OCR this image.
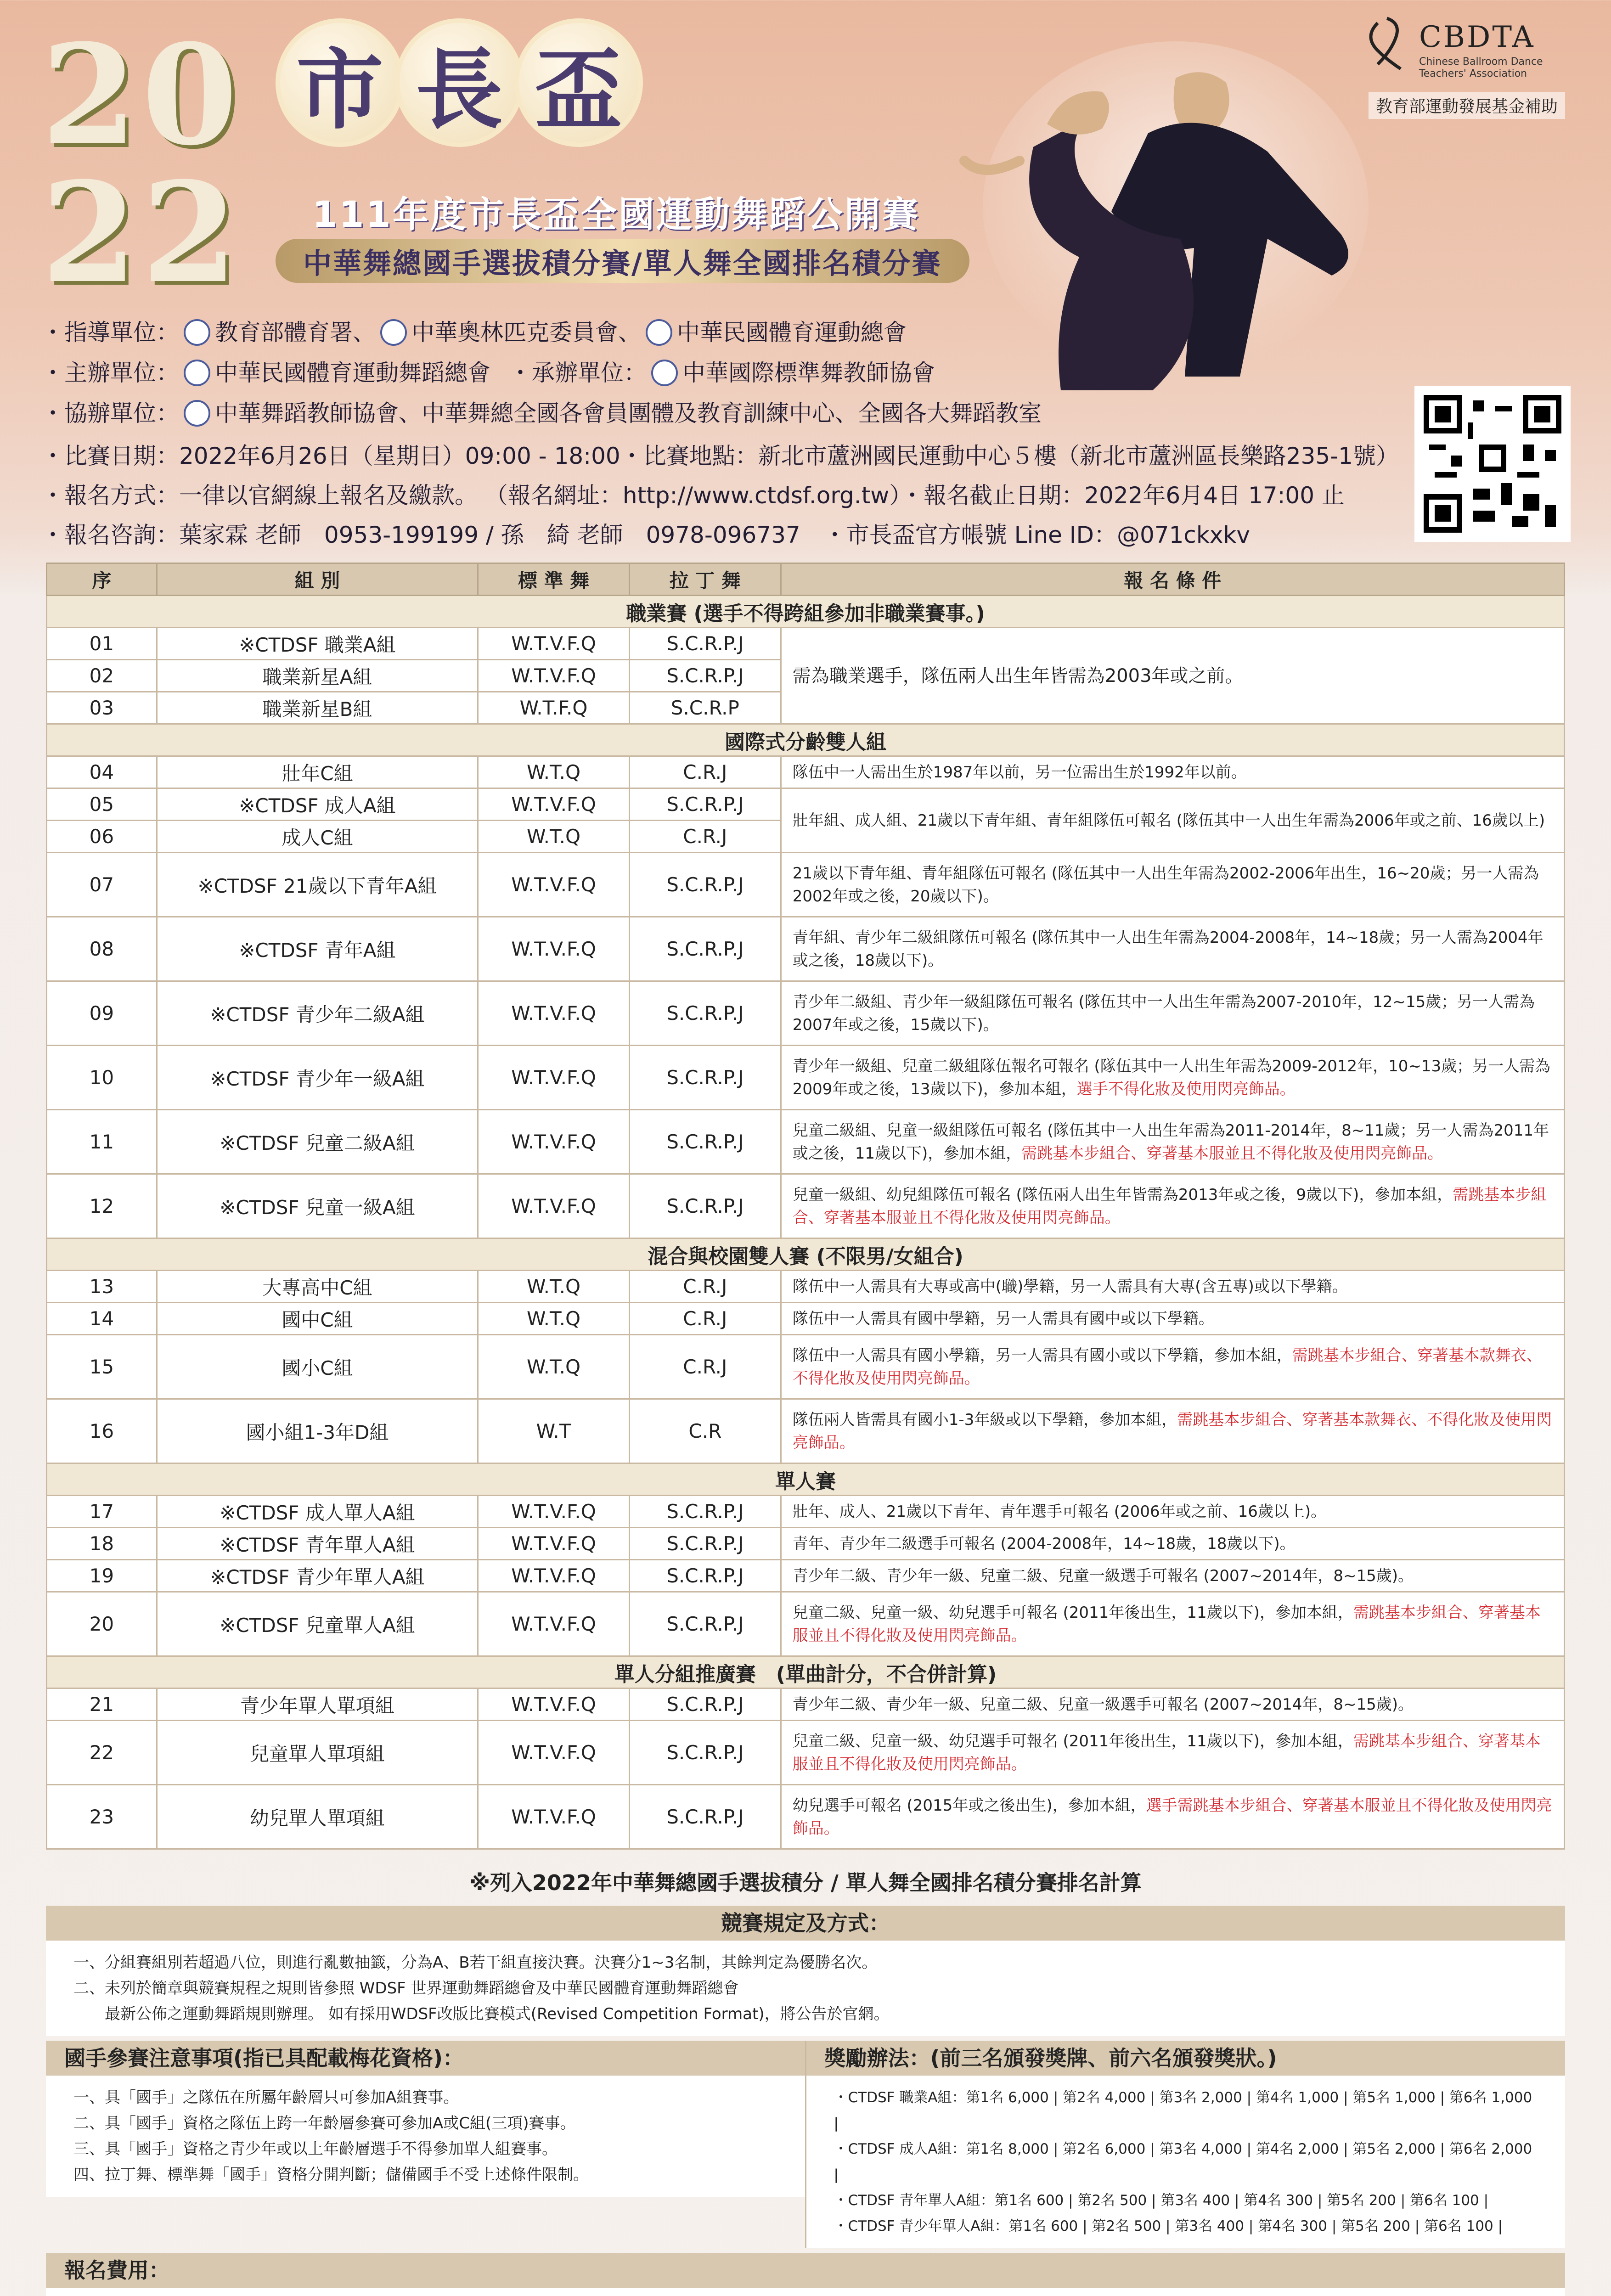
20
22
市 長 盃
111年度市長盃全國運動舞蹈公開賽
中華舞總國手選拔積分賽/單人舞全國排名積分賽
CBDTA
Chinese Ballroom Dance Teachers' Association
教育部運動發展基金補助
・指導單位： 教育部體育署、 中華奧林匹克委員會、 中華民國體育運動總會
・主辦單位： 中華民國體育運動舞蹈總會 ・承辦單位： 中華國際標準舞教師協會
・協辦單位： 中華舞蹈教師協會、中華舞總全國各會員團體及教育訓練中心、全國各大舞蹈教室
・比賽日期：2022年6月26日（星期日）09:00 - 18:00・比賽地點：新北市蘆洲國民運動中心５樓（新北市蘆洲區長樂路235-1號）
・報名方式：一律以官網線上報名及繳款。 （報名網址：http://www.ctdsf.org.tw）・報名截止日期：2022年6月4日 17:00 止
・報名咨詢：葉家霖 老師　0953-199199 / 孫　綺 老師　0978-096737　・市長盃官方帳號 Line ID：@071ckxkv
序	組 別	標 準 舞	拉 丁 舞	報 名 條 件
職業賽 (選手不得跨組參加非職業賽事。)				
01	※CTDSF 職業A組	W.T.V.F.Q	S.C.R.P.J	需為職業選手，隊伍兩人出生年皆需為2003年或之前。
02	職業新星A組	W.T.V.F.Q	S.C.R.P.J	
03	職業新星B組	W.T.F.Q	S.C.R.P	
國際式分齡雙人組				
04	壯年C組	W.T.Q	C.R.J	隊伍中一人需出生於1987年以前，另一位需出生於1992年以前。
05	※CTDSF 成人A組	W.T.V.F.Q	S.C.R.P.J	壯年組、成人組、21歲以下青年組、青年組隊伍可報名 (隊伍其中一人出生年需為2006年或之前、16歲以上)
06	成人C組	W.T.Q	C.R.J	
07	※CTDSF 21歲以下青年A組	W.T.V.F.Q	S.C.R.P.J	21歲以下青年組、青年組隊伍可報名 (隊伍其中一人出生年需為2002-2006年出生，16~20歲；另一人需為2002年或之後，20歲以下)。
08	※CTDSF 青年A組	W.T.V.F.Q	S.C.R.P.J	青年組、青少年二級組隊伍可報名 (隊伍其中一人出生年需為2004-2008年，14~18歲；另一人需為2004年或之後，18歲以下)。
09	※CTDSF 青少年二級A組	W.T.V.F.Q	S.C.R.P.J	青少年二級組、青少年一級組隊伍可報名 (隊伍其中一人出生年需為2007-2010年，12~15歲；另一人需為2007年或之後，15歲以下)。
10	※CTDSF 青少年一級A組	W.T.V.F.Q	S.C.R.P.J	青少年一級組、兒童二級組隊伍報名可報名 (隊伍其中一人出生年需為2009-2012年，10~13歲；另一人需為2009年或之後，13歲以下)，參加本組，選手不得化妝及使用閃亮飾品。
11	※CTDSF 兒童二級A組	W.T.V.F.Q	S.C.R.P.J	兒童二級組、兒童一級組隊伍可報名 (隊伍其中一人出生年需為2011-2014年，8~11歲；另一人需為2011年或之後，11歲以下)，參加本組，需跳基本步組合、穿著基本服並且不得化妝及使用閃亮飾品。
12	※CTDSF 兒童一級A組	W.T.V.F.Q	S.C.R.P.J	兒童一級組、幼兒組隊伍可報名 (隊伍兩人出生年皆需為2013年或之後，9歲以下)，參加本組，需跳基本步組合、穿著基本服並且不得化妝及使用閃亮飾品。
混合與校園雙人賽 (不限男/女組合)				
13	大專高中C組	W.T.Q	C.R.J	隊伍中一人需具有大專或高中(職)學籍，另一人需具有大專(含五專)或以下學籍。
14	國中C組	W.T.Q	C.R.J	隊伍中一人需具有國中學籍，另一人需具有國中或以下學籍。
15	國小C組	W.T.Q	C.R.J	隊伍中一人需具有國小學籍，另一人需具有國小或以下學籍，參加本組，需跳基本步組合、穿著基本款舞衣、不得化妝及使用閃亮飾品。
16	國小組1-3年D組	W.T	C.R	隊伍兩人皆需具有國小1-3年級或以下學籍，參加本組，需跳基本步組合、穿著基本款舞衣、不得化妝及使用閃亮飾品。
單人賽				
17	※CTDSF 成人單人A組	W.T.V.F.Q	S.C.R.P.J	壯年、成人、21歲以下青年、青年選手可報名 (2006年或之前、16歲以上)。
18	※CTDSF 青年單人A組	W.T.V.F.Q	S.C.R.P.J	青年、青少年二級選手可報名 (2004-2008年，14~18歲，18歲以下)。
19	※CTDSF 青少年單人A組	W.T.V.F.Q	S.C.R.P.J	青少年二級、青少年一級、兒童二級、兒童一級選手可報名 (2007~2014年，8~15歲)。
20	※CTDSF 兒童單人A組	W.T.V.F.Q	S.C.R.P.J	兒童二級、兒童一級、幼兒選手可報名 (2011年後出生，11歲以下)，參加本組，需跳基本步組合、穿著基本服並且不得化妝及使用閃亮飾品。
單人分組推廣賽　(單曲計分，不合併計算)				
21	青少年單人單項組	W.T.V.F.Q	S.C.R.P.J	青少年二級、青少年一級、兒童二級、兒童一級選手可報名 (2007~2014年，8~15歲)。
22	兒童單人單項組	W.T.V.F.Q	S.C.R.P.J	兒童二級、兒童一級、幼兒選手可報名 (2011年後出生，11歲以下)，參加本組，需跳基本步組合、穿著基本服並且不得化妝及使用閃亮飾品。
23	幼兒單人單項組	W.T.V.F.Q	S.C.R.P.J	幼兒選手可報名 (2015年或之後出生)，參加本組，選手需跳基本步組合、穿著基本服並且不得化妝及使用閃亮飾品。
※列入2022年中華舞總國手選拔積分 / 單人舞全國排名積分賽排名計算
競賽規定及方式：
一、分組賽組別若超過八位，則進行亂數抽籤，分為A、B若干組直接決賽。決賽分1~3名制，其餘判定為優勝名次。
二、未列於簡章與競賽規程之規則皆參照 WDSF 世界運動舞蹈總會及中華民國體育運動舞蹈總會
　　最新公佈之運動舞蹈規則辦理。 如有採用WDSF改版比賽模式(Revised Competition Format)，將公告於官網。
國手參賽注意事項(指已具配載梅花資格)：
一、具「國手」之隊伍在所屬年齡層只可參加A組賽事。
二、具「國手」資格之隊伍上跨一年齡層參賽可參加A或C組(三項)賽事。
三、具「國手」資格之青少年或以上年齡層選手不得參加單人組賽事。
四、拉丁舞、標準舞「國手」資格分開判斷；儲備國手不受上述條件限制。
獎勵辦法：(前三名頒發獎牌、前六名頒發獎狀。)
・CTDSF 職業A組：第1名 6,000 | 第2名 4,000 | 第3名 2,000 | 第4名 1,000 | 第5名 1,000 | 第6名 1,000 |
・CTDSF 成人A組：第1名 8,000 | 第2名 6,000 | 第3名 4,000 | 第4名 2,000 | 第5名 2,000 | 第6名 2,000 |
・CTDSF 青年單人A組：第1名 600 | 第2名 500 | 第3名 400 | 第4名 300 | 第5名 200 | 第6名 100 |
・CTDSF 青少年單人A組：第1名 600 | 第2名 500 | 第3名 400 | 第4名 300 | 第5名 200 | 第6名 100 |
報名費用：
